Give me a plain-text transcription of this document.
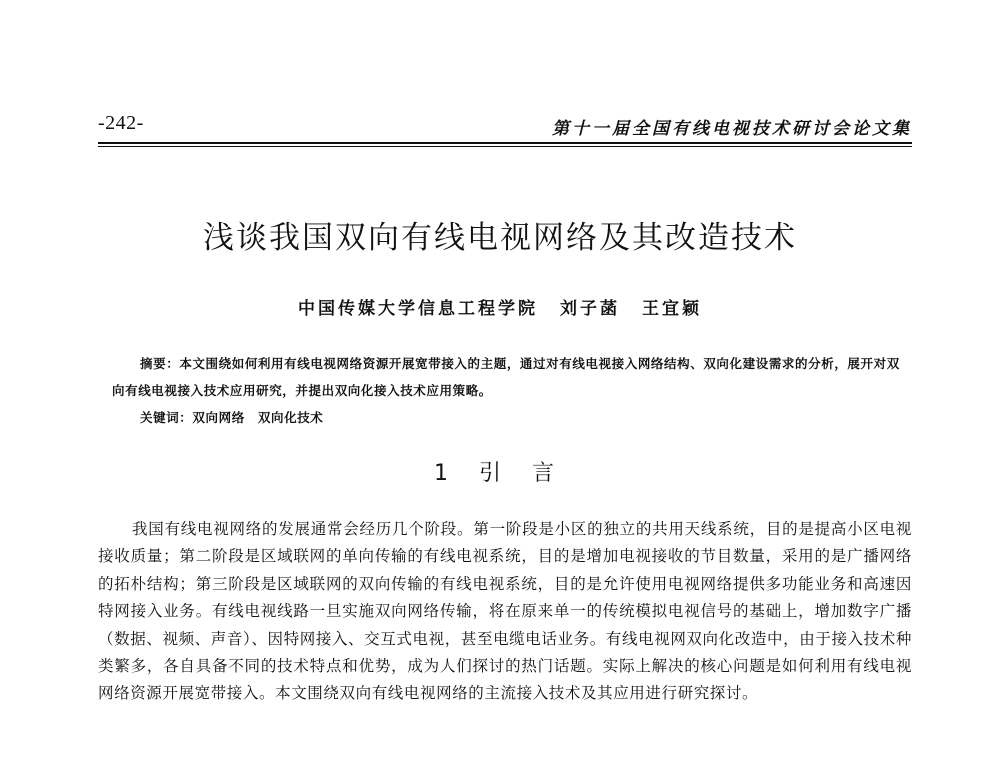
-242-	第十一届全国有线电视技术研讨会论文集
浅谈我国双向有线电视网络及其改造技术
中国传媒大学信息工程学院 刘子菡 王宜颖

摘要：本文围绕如何利用有线电视网络资源开展宽带接入的主题，通过对有线电视接入网络结构、双向化建设需求的分析，展开对双向有线电视接入技术应用研究，并提出双向化接入技术应用策略。

关键词：双向网络　双向化技术

1 引 言

我国有线电视网络的发展通常会经历几个阶段。第一阶段是小区的独立的共用天线系统，目的是提高小区电视接收质量；第二阶段是区域联网的单向传输的有线电视系统，目的是增加电视接收的节目数量，采用的是广播网络的拓朴结构；第三阶段是区域联网的双向传输的有线电视系统，目的是允许使用电视网络提供多功能业务和高速因特网接入业务。有线电视线路一旦实施双向网络传输，将在原来单一的传统模拟电视信号的基础上，增加数字广播（数据、视频、声音）、因特网接入、交互式电视，甚至电缆电话业务。有线电视网双向化改造中，由于接入技术种类繁多，各自具备不同的技术特点和优势，成为人们探讨的热门话题。实际上解决的核心问题是如何利用有线电视网络资源开展宽带接入。本文围绕双向有线电视网络的主流接入技术及其应用进行研究探讨。
